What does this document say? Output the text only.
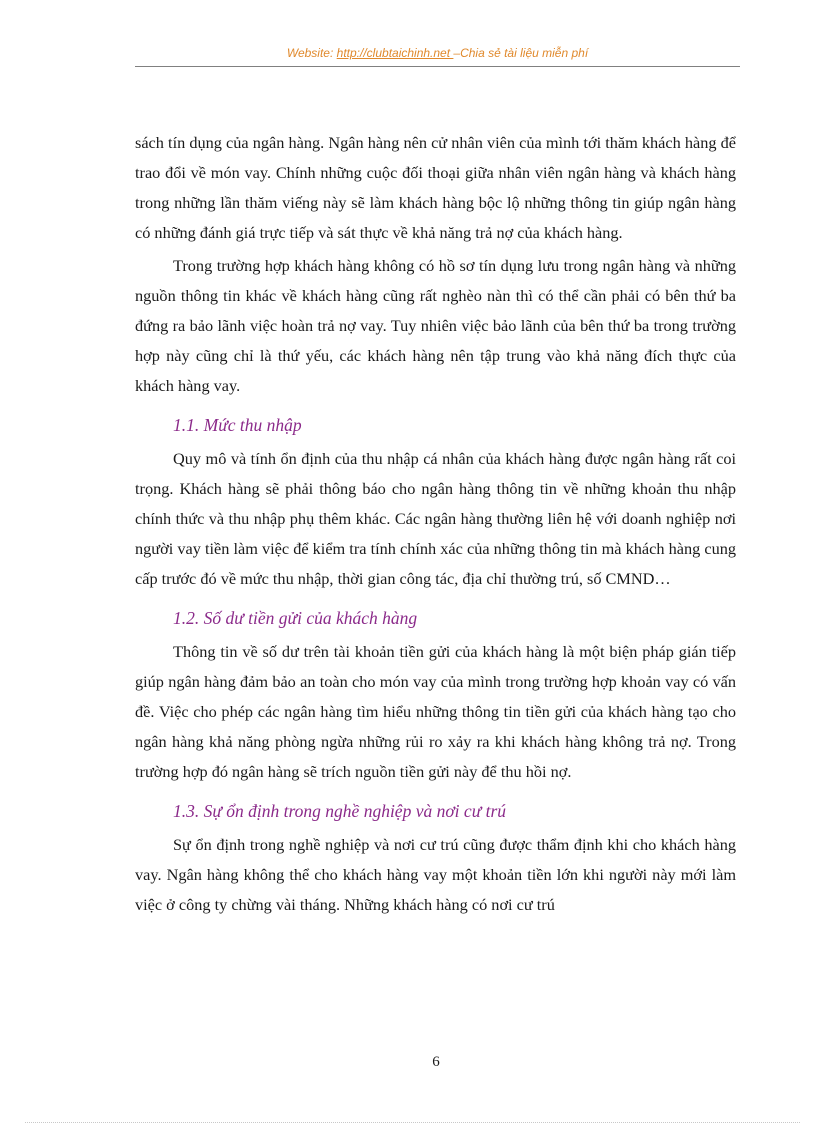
Website: http://clubtaichinh.net –Chia sẻ tài liệu miễn phí

sách tín dụng của ngân hàng. Ngân hàng nên cử nhân viên của mình tới thăm khách hàng để trao đổi về món vay. Chính những cuộc đối thoại giữa nhân viên ngân hàng và khách hàng trong những lần thăm viếng này sẽ làm khách hàng bộc lộ những thông tin giúp ngân hàng có những đánh giá trực tiếp và sát thực về khả năng trả nợ của khách hàng.

Trong trường hợp khách hàng không có hồ sơ tín dụng lưu trong ngân hàng và những nguồn thông tin khác về khách hàng cũng rất nghèo nàn thì có thể cần phải có bên thứ ba đứng ra bảo lãnh việc hoàn trả nợ vay. Tuy nhiên việc bảo lãnh của bên thứ ba trong trường hợp này cũng chỉ là thứ yếu, các khách hàng nên tập trung vào khả năng đích thực của khách hàng vay.

1.1. Mức thu nhập

Quy mô và tính ổn định của thu nhập cá nhân của khách hàng được ngân hàng rất coi trọng. Khách hàng sẽ phải thông báo cho ngân hàng thông tin về những khoản thu nhập chính thức và thu nhập phụ thêm khác. Các ngân hàng thường liên hệ với doanh nghiệp nơi người vay tiền làm việc để kiểm tra tính chính xác của những thông tin mà khách hàng cung cấp trước đó về mức thu nhập, thời gian công tác, địa chỉ thường trú, số CMND…

1.2. Số dư tiền gửi của khách hàng

Thông tin về số dư trên tài khoản tiền gửi của khách hàng là một biện pháp gián tiếp giúp ngân hàng đảm bảo an toàn cho món vay của mình trong trường hợp khoản vay có vấn đề. Việc cho phép các ngân hàng tìm hiểu những thông tin tiền gửi của khách hàng tạo cho ngân hàng khả năng phòng ngừa những rủi ro xảy ra khi khách hàng không trả nợ. Trong trường hợp đó ngân hàng sẽ trích nguồn tiền gửi này để thu hồi nợ.

1.3. Sự ổn định trong nghề nghiệp và nơi cư trú

Sự ổn định trong nghề nghiệp và nơi cư trú cũng được thẩm định khi cho khách hàng vay. Ngân hàng không thể cho khách hàng vay một khoản tiền lớn khi người này mới làm việc ở công ty chừng vài tháng. Những khách hàng có nơi cư trú

6
